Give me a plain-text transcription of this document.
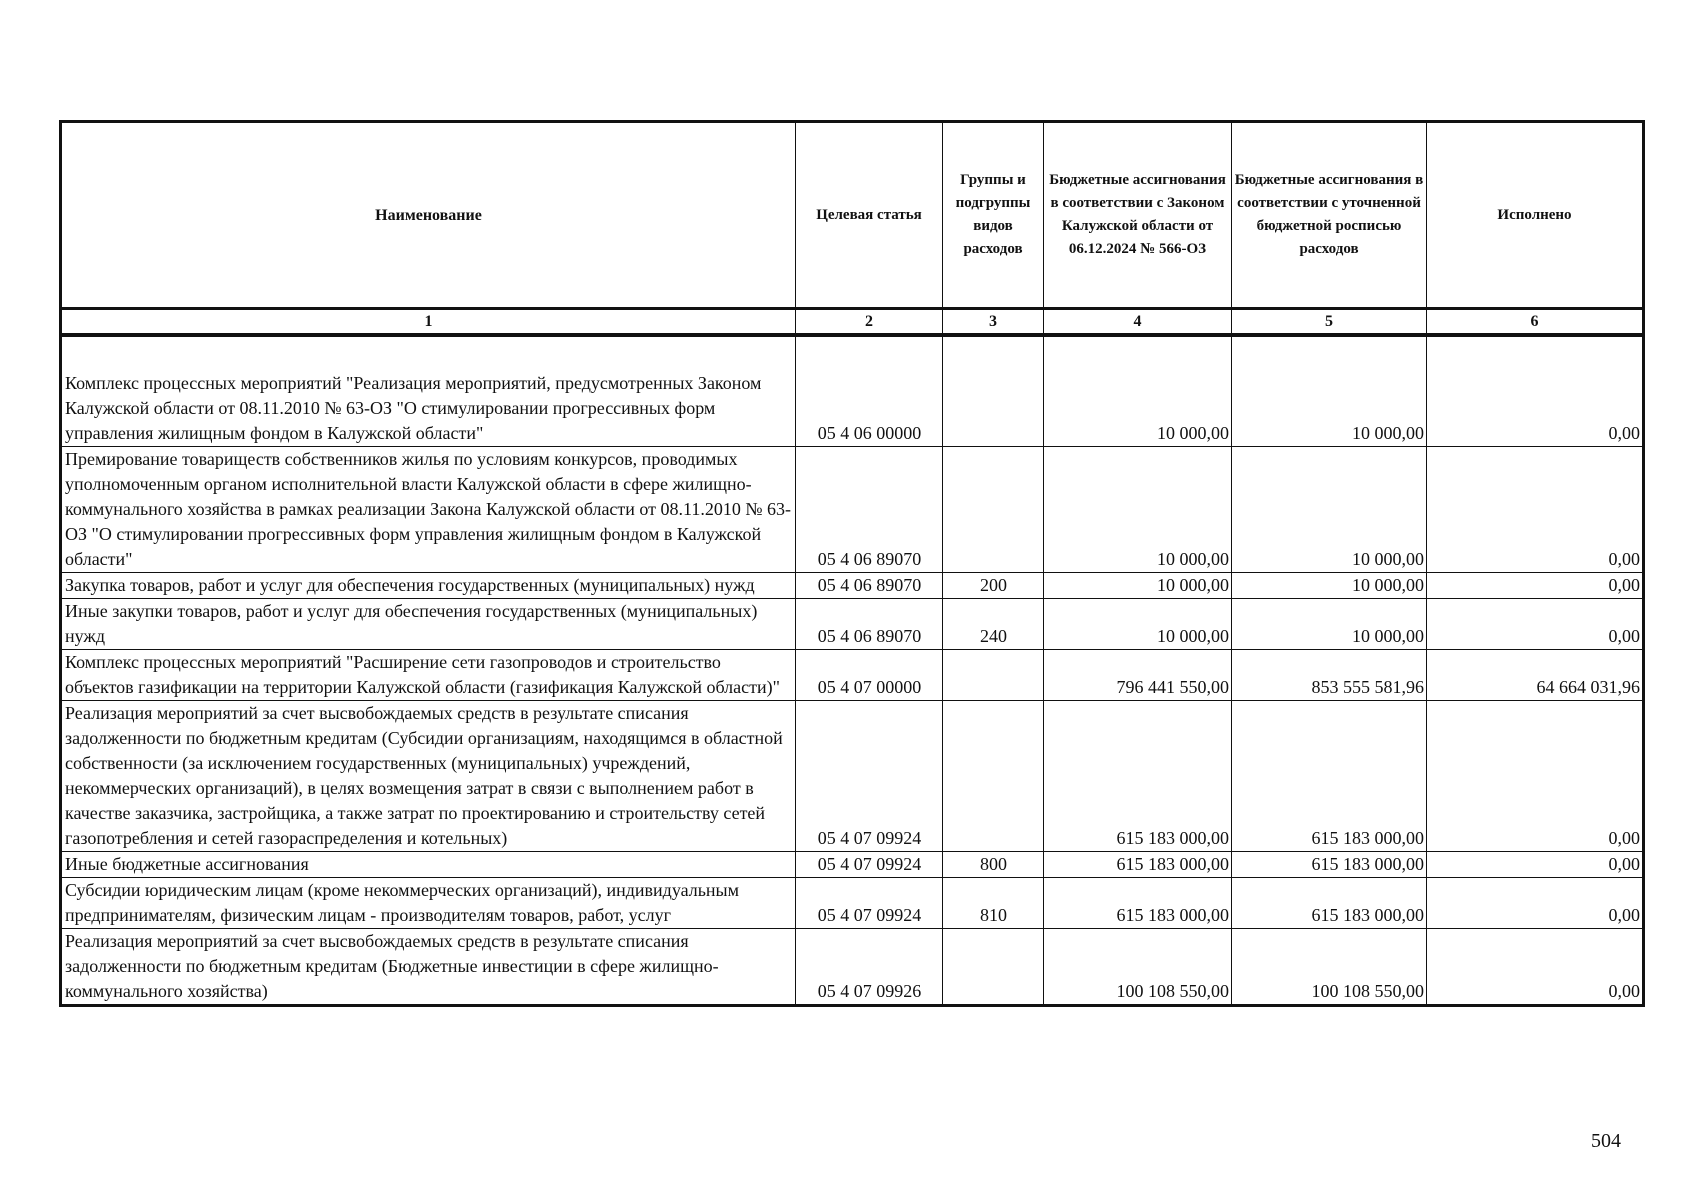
Наименование	Целевая статья	Группы и подгруппы видов расходов	Бюджетные ассигнования в соответствии с Законом Калужской области от 06.12.2024 № 566-ОЗ	Бюджетные ассигнования в соответствии с уточненной бюджетной росписью расходов	Исполнено
1	2	3	4	5	6

Комплекс процессных мероприятий "Реализация мероприятий, предусмотренных Законом Калужской области от 08.11.2010 № 63-ОЗ "О стимулировании прогрессивных форм управления жилищным фондом в Калужской области"	05 4 06 00000		10 000,00	10 000,00	0,00
Премирование товариществ собственников жилья по условиям конкурсов, проводимых уполномоченным органом исполнительной власти Калужской области в сфере жилищно-коммунального хозяйства в рамках реализации Закона Калужской области от 08.11.2010 № 63-ОЗ "О стимулировании прогрессивных форм управления жилищным фондом в Калужской области"	05 4 06 89070		10 000,00	10 000,00	0,00
Закупка товаров, работ и услуг для обеспечения государственных (муниципальных) нужд	05 4 06 89070	200	10 000,00	10 000,00	0,00
Иные закупки товаров, работ и услуг для обеспечения государственных (муниципальных) нужд	05 4 06 89070	240	10 000,00	10 000,00	0,00
Комплекс процессных мероприятий "Расширение сети газопроводов и строительство объектов газификации на территории Калужской области (газификация Калужской области)"	05 4 07 00000		796 441 550,00	853 555 581,96	64 664 031,96
Реализация мероприятий за счет высвобождаемых средств в результате списания задолженности по бюджетным кредитам (Субсидии организациям, находящимся в областной собственности (за исключением государственных (муниципальных) учреждений, некоммерческих организаций), в целях возмещения затрат в связи с выполнением работ в качестве заказчика, застройщика, а также затрат по проектированию и строительству сетей газопотребления и сетей газораспределения и котельных)	05 4 07 09924		615 183 000,00	615 183 000,00	0,00
Иные бюджетные ассигнования	05 4 07 09924	800	615 183 000,00	615 183 000,00	0,00
Субсидии юридическим лицам (кроме некоммерческих организаций), индивидуальным предпринимателям, физическим лицам - производителям товаров, работ, услуг	05 4 07 09924	810	615 183 000,00	615 183 000,00	0,00
Реализация мероприятий за счет высвобождаемых средств в результате списания задолженности по бюджетным кредитам (Бюджетные инвестиции в сфере жилищно-коммунального хозяйства)	05 4 07 09926		100 108 550,00	100 108 550,00	0,00
504
